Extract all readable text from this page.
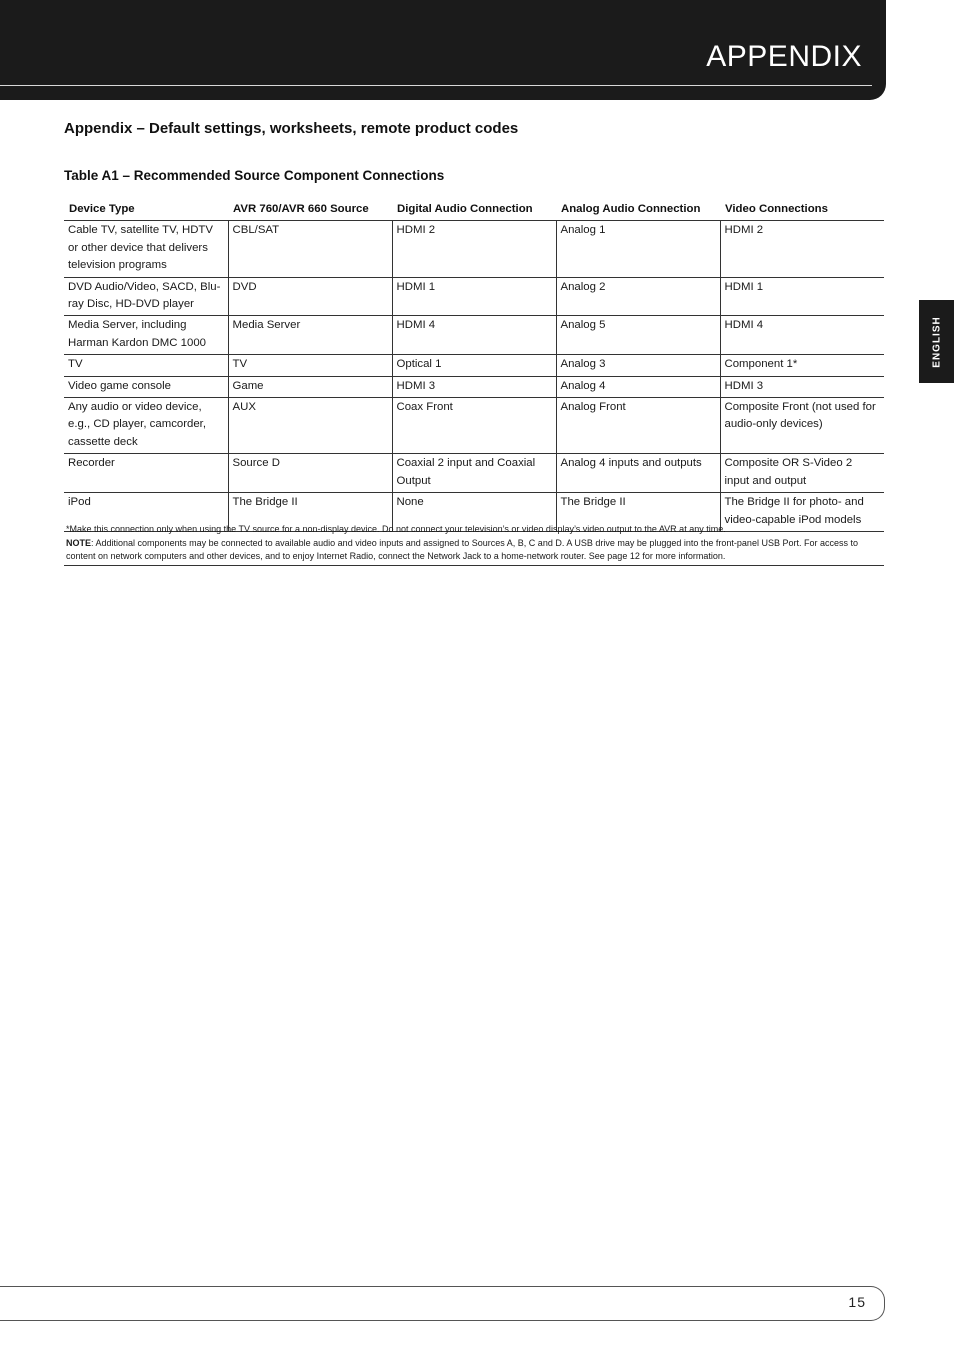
APPENDIX
ENGLISH
Appendix – Default settings, worksheets, remote product codes
Table A1 – Recommended Source Component Connections
Device Type	AVR 760/AVR 660 Source	Digital Audio Connection	Analog Audio Connection	Video Connections
Cable TV, satellite TV, HDTV or other device that delivers television programs	CBL/SAT	HDMI 2	Analog 1	HDMI 2
DVD Audio/Video, SACD, Blu-ray Disc, HD-DVD player	DVD	HDMI 1	Analog 2	HDMI 1
Media Server, including Harman Kardon DMC 1000	Media Server	HDMI 4	Analog 5	HDMI 4
TV	TV	Optical 1	Analog 3	Component 1*
Video game console	Game	HDMI 3	Analog 4	HDMI 3
Any audio or video device, e.g., CD player, camcorder, cassette deck	AUX	Coax Front	Analog Front	Composite Front (not used for audio-only devices)
Recorder	Source D	Coaxial 2 input and Coaxial Output	Analog 4 inputs and outputs	Composite OR S-Video 2 input and output
iPod	The Bridge II	None	The Bridge II	The Bridge II for photo- and video-capable iPod models

*Make this connection only when using the TV source for a non-display device. Do not connect your television’s or video display’s video output to the AVR at any time.

NOTE: Additional components may be connected to available audio and video inputs and assigned to Sources A, B, C and D. A USB drive may be plugged into the front-panel USB Port. For access to content on network computers and other devices, and to enjoy Internet Radio, connect the Network Jack to a home-network router. See page 12 for more information.

15
